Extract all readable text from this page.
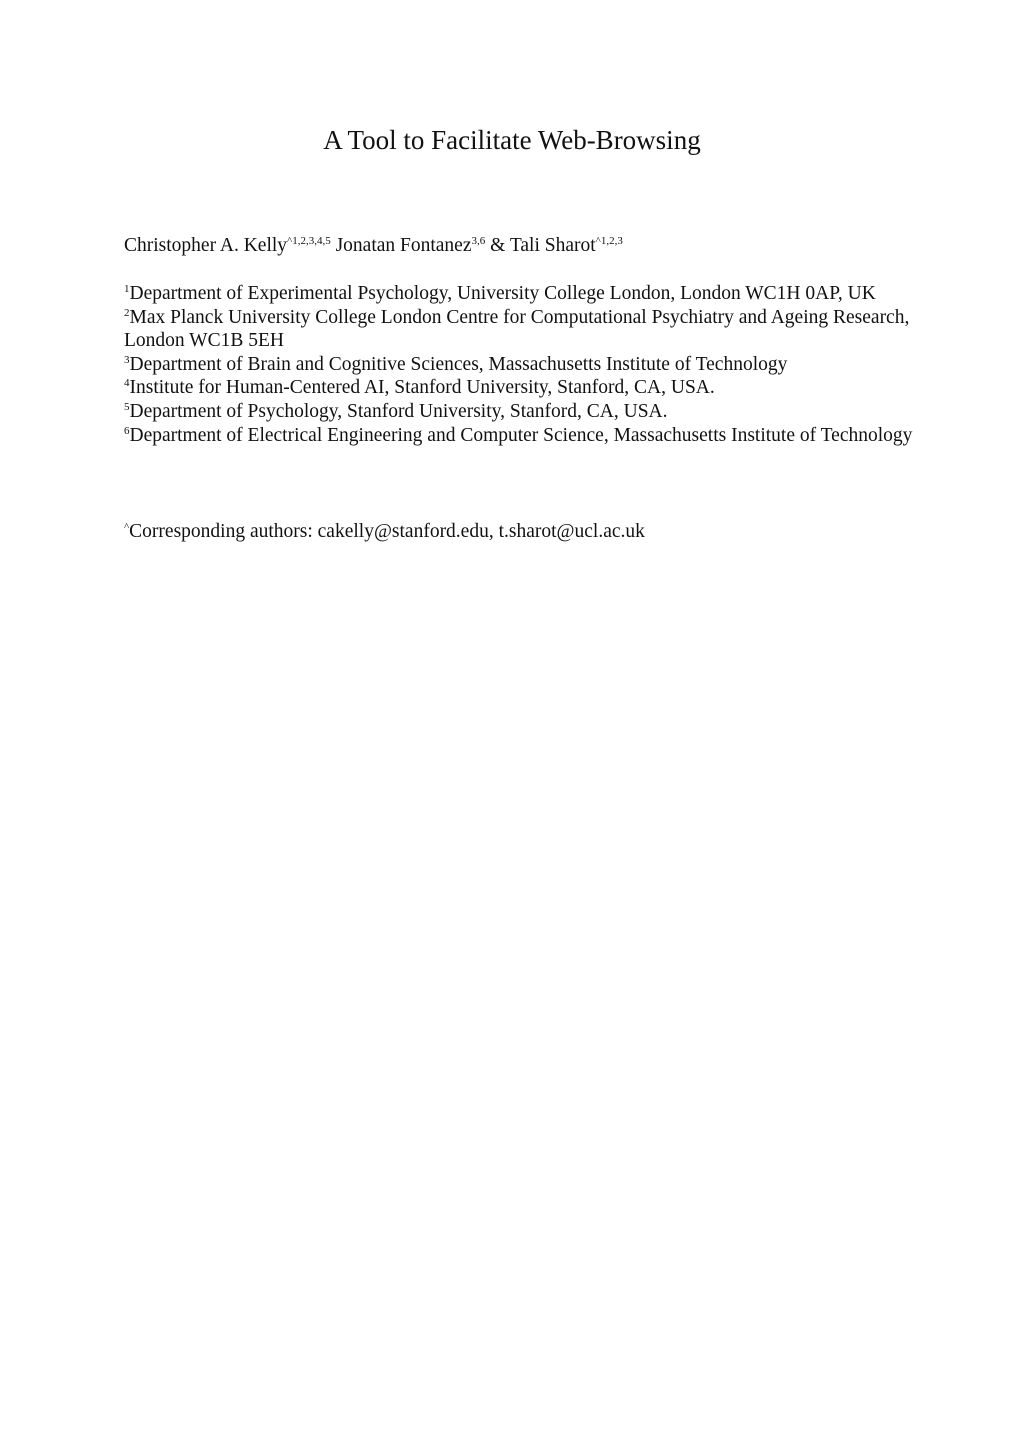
A Tool to Facilitate Web-Browsing
Christopher A. Kelly$^{\^{}1,2,3,4,5}$ Jonatan Fontanez$^{3,6}$ & Tali Sharot$^{\^{}1,2,3}$

$^1$Department of Experimental Psychology, University College London, London WC1H 0AP, UK

$^2$Max Planck University College London Centre for Computational Psychiatry and Ageing Research, London WC1B 5EH

$^3$Department of Brain and Cognitive Sciences, Massachusetts Institute of Technology

$^4$Institute for Human-Centered AI, Stanford University, Stanford, CA, USA.

$^5$Department of Psychology, Stanford University, Stanford, CA, USA.

$^6$Department of Electrical Engineering and Computer Science, Massachusetts Institute of Technology

^Corresponding authors: cakelly@stanford.edu, t.sharot@ucl.ac.uk
